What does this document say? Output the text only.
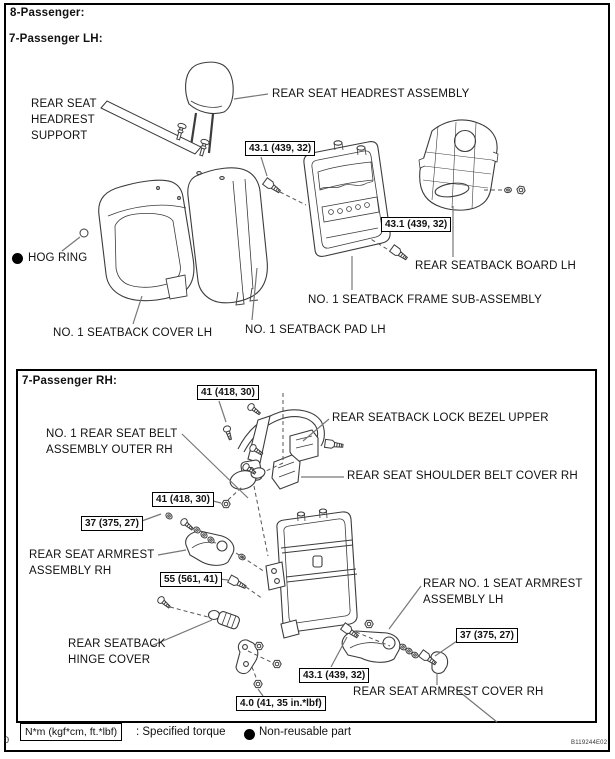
8-Passenger:
7-Passenger LH:
7-Passenger RH:
REAR SEAT HEADREST ASSEMBLY
REAR SEAT
HEADREST
SUPPORT
HOG RING
NO. 1 SEATBACK COVER LH	NO. 1 SEATBACK PAD LH
NO. 1 SEATBACK FRAME SUB-ASSEMBLY
REAR SEATBACK BOARD LH
43.1 (439, 32)
43.1 (439, 32)
NO. 1 REAR SEAT BELT
ASSEMBLY OUTER RH
REAR SEATBACK LOCK BEZEL UPPER
REAR SEAT SHOULDER BELT COVER RH
REAR SEAT ARMREST
ASSEMBLY RH
REAR SEATBACK
HINGE COVER
REAR NO. 1 SEAT ARMREST
ASSEMBLY LH
REAR SEAT ARMREST COVER RH
41 (418, 30)
41 (418, 30)
37 (375, 27)
55 (561, 41)
43.1 (439, 32)
4.0 (41, 35 in.*lbf)
37 (375, 27)
N*m (kgf*cm, ft.*lbf)	: Specified torque	Non-reusable part
B119244E02
0
